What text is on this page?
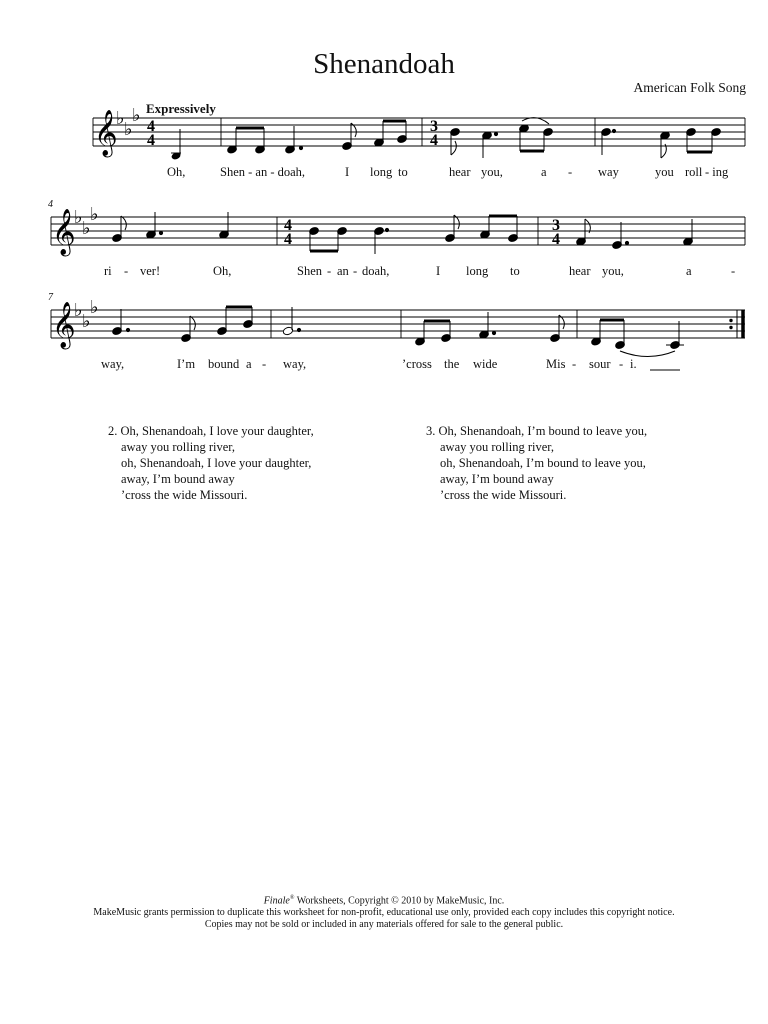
Shenandoah
American Folk Song
Expressively
𝄞
♭
♭
♭
4
4
3
4
Oh,	Shen - an - doah,	I long to	hear you,	a - way	you roll - ing
4
𝄞
♭
♭
♭
4
4
3
4
ri - ver!	Oh,	Shen - an - doah,	I long to	hear you,	a	-
7
𝄞
♭
♭
♭
way,	I’m bound a - way,	’cross the wide	Mis - sour - i.
2. Oh, Shenandoah, I love your daughter,
away you rolling river,
oh, Shenandoah, I love your daughter,
away, I’m bound away
’cross the wide Missouri.
3. Oh, Shenandoah, I’m bound to leave you,
away you rolling river,
oh, Shenandoah, I’m bound to leave you,
away, I’m bound away
’cross the wide Missouri.
Finale® Worksheets, Copyright © 2010 by MakeMusic, Inc.
MakeMusic grants permission to duplicate this worksheet for non-profit, educational use only, provided each copy includes this copyright notice.
Copies may not be sold or included in any materials offered for sale to the general public.
